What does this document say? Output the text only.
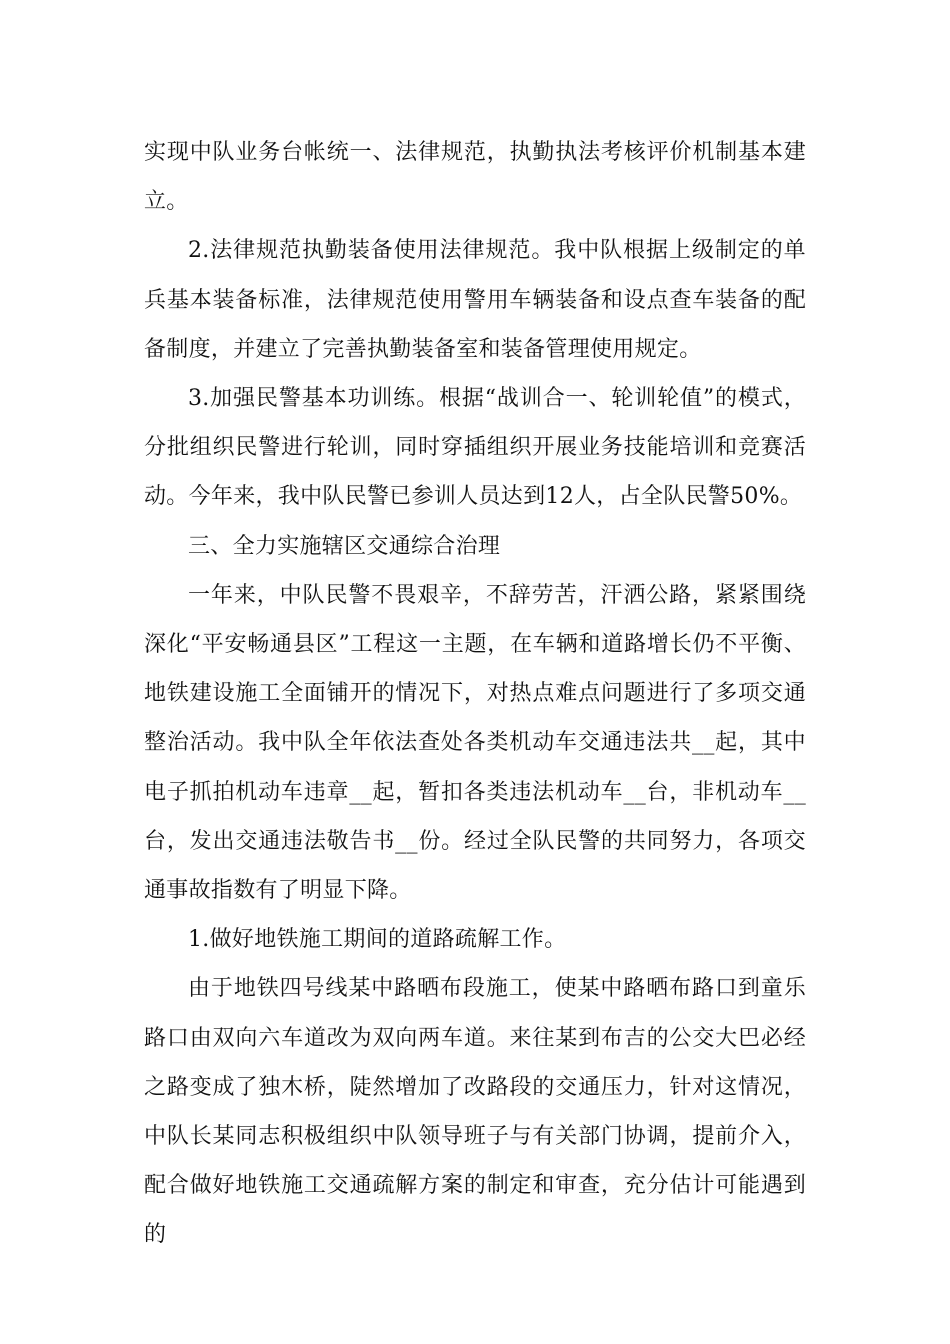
实现中队业务台帐统一、法律规范，执勤执法考核评价机制基本建立。

2.法律规范执勤装备使用法律规范。我中队根据上级制定的单兵基本装备标准，法律规范使用警用车辆装备和设点查车装备的配备制度，并建立了完善执勤装备室和装备管理使用规定。

3.加强民警基本功训练。根据“战训合一、轮训轮值”的模式，分批组织民警进行轮训，同时穿插组织开展业务技能培训和竞赛活动。今年来，我中队民警已参训人员达到12人，占全队民警50%。

三、全力实施辖区交通综合治理

一年来，中队民警不畏艰辛，不辞劳苦，汗洒公路，紧紧围绕深化“平安畅通县区”工程这一主题，在车辆和道路增长仍不平衡、地铁建设施工全面铺开的情况下，对热点难点问题进行了多项交通整治活动。我中队全年依法查处各类机动车交通违法共__起，其中电子抓拍机动车违章__起，暂扣各类违法机动车__台，非机动车__台，发出交通违法敬告书__份。经过全队民警的共同努力，各项交通事故指数有了明显下降。

1.做好地铁施工期间的道路疏解工作。

由于地铁四号线某中路晒布段施工，使某中路晒布路口到童乐路口由双向六车道改为双向两车道。来往某到布吉的公交大巴必经之路变成了独木桥，陡然增加了改路段的交通压力，针对这情况，中队长某同志积极组织中队领导班子与有关部门协调，提前介入，配合做好地铁施工交通疏解方案的制定和审查，充分估计可能遇到的
